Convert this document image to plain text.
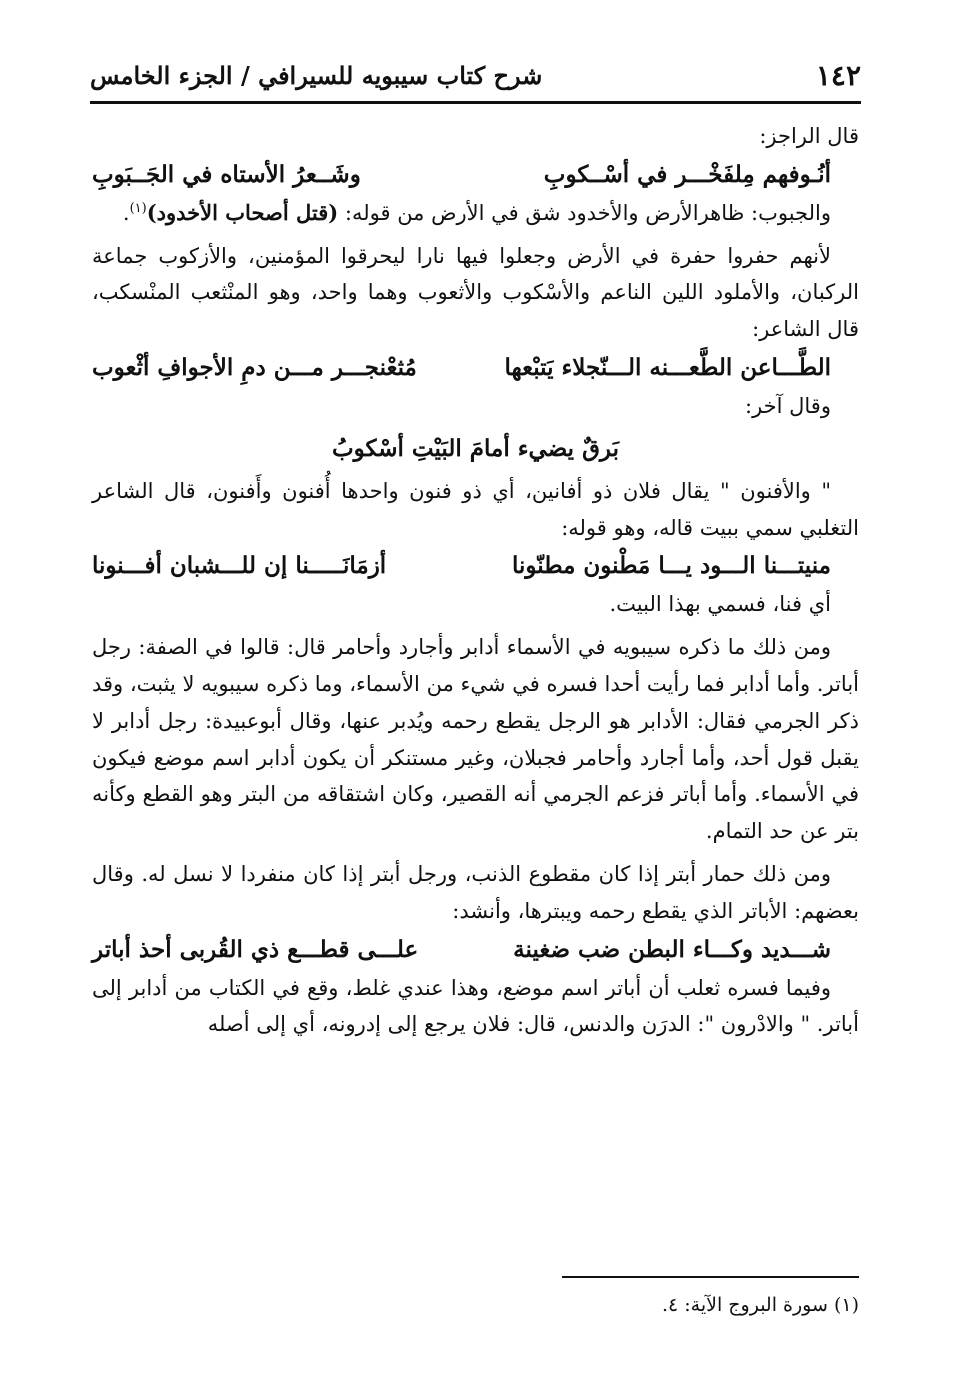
١٤٢
شرح كتاب سيبويه للسيرافي / الجزء الخامس

قال الراجز:

أنُـوفهم مِلفَخْـــر في أسْــكوبِ
وشَــعرُ الأستاه في الجَــبَوبِ

والجبوب: ظاهرالأرض والأخدود شق في الأرض من قوله: (قتل أصحاب الأخدود)$^{(١)}$.

لأنهم حفروا حفرة في الأرض وجعلوا فيها نارا ليحرقوا المؤمنين، والأزكوب جماعة الركبان، والأملود اللين الناعم والأسْكوب والأثعوب وهما واحد، وهو المنْثعب المنْسكب، قال الشاعر:

الطَّـــاعن الطَّعـــنه الـــنّجلاء يَتبْعها
مُثعْنجـــر مـــن دمِ الأجوافِ أثْعوب

وقال آخر:

بَرقٌ يضيء أمامَ البَيْتِ أسْكوبُ

" والأفنون " يقال فلان ذو أفانين، أي ذو فنون واحدها أُفنون وأَفنون، قال الشاعر التغلبي سمي ببيت قاله، وهو قوله:

منيتـــنا الـــود يـــا مَطْنون مطنّونا
أزمَانَـــــنا إن للـــشبان أفـــنونا

أي فنا، فسمي بهذا البيت.

ومن ذلك ما ذكره سيبويه في الأسماء أدابر وأجارد وأحامر قال: قالوا في الصفة: رجل أباتر. وأما أدابر فما رأيت أحدا فسره في شيء من الأسماء، وما ذكره سيبويه لا يثبت، وقد ذكر الجرمي فقال: الأدابر هو الرجل يقطع رحمه ويُدبر عنها، وقال أبوعبيدة: رجل أدابر لا يقبل قول أحد، وأما أجارد وأحامر فجبلان، وغير مستنكر أن يكون أدابر اسم موضع فيكون في الأسماء. وأما أباتر فزعم الجرمي أنه القصير، وكان اشتقاقه من البتر وهو القطع وكأنه بتر عن حد التمام.

ومن ذلك حمار أبتر إذا كان مقطوع الذنب، ورجل أبتر إذا كان منفردا لا نسل له. وقال بعضهم: الأباتر الذي يقطع رحمه ويبترها، وأنشد:

شـــديد وكـــاء البطن ضب ضغينة
علـــى قطـــع ذي القُربى أحذ أباتر

وفيما فسره ثعلب أن أباتر اسم موضع، وهذا عندي غلط، وقع في الكتاب من أدابر إلى أباتر. " والادْرون ": الدرَن والدنس، قال: فلان يرجع إلى إدرونه، أي إلى أصله

(١) سورة البروج الآية: ٤.
